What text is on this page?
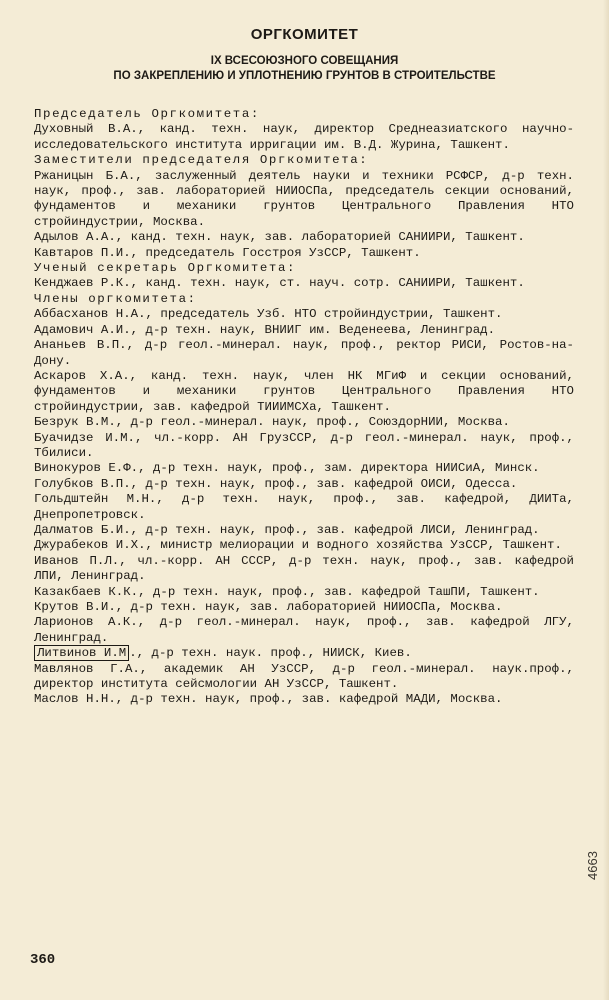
ОРГКОМИТЕТ
IX ВСЕСОЮЗНОГО СОВЕЩАНИЯ
ПО ЗАКРЕПЛЕНИЮ И УПЛОТНЕНИЮ ГРУНТОВ В СТРОИТЕЛЬСТВЕ
Председатель Оргкомитета:
Духовный В.А., канд. техн. наук, директор Среднеазиатского научно-исследовательского института ирригации им. В.Д. Журина, Ташкент.
Заместители председателя Оргкомитета:
Ржаницын Б.А., заслуженный деятель науки и техники РСФСР, д-р техн. наук, проф., зав. лабораторией НИИОСПа, председатель секции оснований, фундаментов и механики грунтов Центрального Правления НТО стройиндустрии, Москва.
Адылов А.А., канд. техн. наук, зав. лабораторией САНИИРИ, Ташкент.
Кавтаров П.И., председатель Госстроя УзССР, Ташкент.
Ученый секретарь Оргкомитета:
Кенджаев Р.К., канд. техн. наук, ст. науч. сотр. САНИИРИ, Ташкент.
Члены оргкомитета:
Аббасханов Н.А., председатель Узб. НТО стройиндустрии, Ташкент.
Адамович А.И., д-р техн. наук, ВНИИГ им. Веденеева, Ленинград.
Ананьев В.П., д-р геол.-минерал. наук, проф., ректор РИСИ, Ростов-на-Дону.
Аскаров Х.А., канд. техн. наук, член НК МГиФ и секции оснований, фундаментов и механики грунтов Центрального Правления НТО стройиндустрии, зав. кафедрой ТИИИМСХа, Ташкент.
Безрук В.М., д-р геол.-минерал. наук, проф., СоюздорНИИ, Москва.
Буачидзе И.М., чл.-корр. АН ГрузССР, д-р геол.-минерал. наук, проф., Тбилиси.
Винокуров Е.Ф., д-р техн. наук, проф., зам. директора НИИСиА, Минск.
Голубков В.П., д-р техн. наук, проф., зав. кафедрой ОИСИ, Одесса.
Гольдштейн М.Н., д-р техн. наук, проф., зав. кафедрой, ДИИТа, Днепропетровск.
Далматов Б.И., д-р техн. наук, проф., зав. кафедрой ЛИСИ, Ленинград.
Джурабеков И.Х., министр мелиорации и водного хозяйства УзССР, Ташкент.
Иванов П.Л., чл.-корр. АН СССР, д-р техн. наук, проф., зав. кафедрой ЛПИ, Ленинград.
Казакбаев К.К., д-р техн. наук, проф., зав. кафедрой ТашПИ, Ташкент.
Крутов В.И., д-р техн. наук, зав. лабораторией НИИОСПа, Москва.
Ларионов А.К., д-р геол.-минерал. наук, проф., зав. кафедрой ЛГУ, Ленинград.
Литвинов И.М ., д-р техн. наук. проф., НИИСК, Киев.
Мавлянов Г.А., академик АН УзССР, д-р геол.-минерал. наук.проф., директор института сейсмологии АН УзССР, Ташкент.
Маслов Н.Н., д-р техн. наук, проф., зав. кафедрой МАДИ, Москва.
360
4663
